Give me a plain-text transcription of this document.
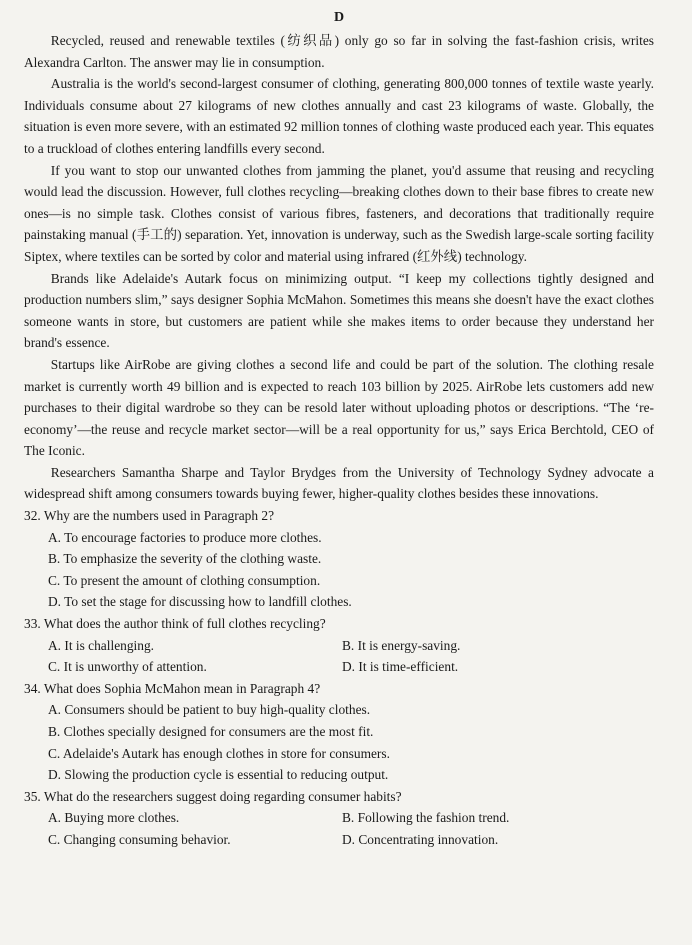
D

Recycled, reused and renewable textiles (纺织品) only go so far in solving the fast-fashion crisis, writes Alexandra Carlton. The answer may lie in consumption.

Australia is the world's second-largest consumer of clothing, generating 800,000 tonnes of textile waste yearly. Individuals consume about 27 kilograms of new clothes annually and cast 23 kilograms of waste. Globally, the situation is even more severe, with an estimated 92 million tonnes of clothing waste produced each year. This equates to a truckload of clothes entering landfills every second.

If you want to stop our unwanted clothes from jamming the planet, you'd assume that reusing and recycling would lead the discussion. However, full clothes recycling—breaking clothes down to their base fibres to create new ones—is no simple task. Clothes consist of various fibres, fasteners, and decorations that traditionally require painstaking manual (手工的) separation. Yet, innovation is underway, such as the Swedish large-scale sorting facility Siptex, where textiles can be sorted by color and material using infrared (红外线) technology.

Brands like Adelaide's Autark focus on minimizing output. “I keep my collections tightly designed and production numbers slim,” says designer Sophia McMahon. Sometimes this means she doesn't have the exact clothes someone wants in store, but customers are patient while she makes items to order because they understand her brand's essence.

Startups like AirRobe are giving clothes a second life and could be part of the solution. The clothing resale market is currently worth 49 billion and is expected to reach 103 billion by 2025. AirRobe lets customers add new purchases to their digital wardrobe so they can be resold later without uploading photos or descriptions. “The ‘re-economy’—the reuse and recycle market sector—will be a real opportunity for us,” says Erica Berchtold, CEO of The Iconic.

Researchers Samantha Sharpe and Taylor Brydges from the University of Technology Sydney advocate a widespread shift among consumers towards buying fewer, higher-quality clothes besides these innovations.

32. Why are the numbers used in Paragraph 2?

A. To encourage factories to produce more clothes.
B. To emphasize the severity of the clothing waste.
C. To present the amount of clothing consumption.
D. To set the stage for discussing how to landfill clothes.

33. What does the author think of full clothes recycling?

A. It is challenging.	B. It is energy-saving.
C. It is unworthy of attention.	D. It is time-efficient.

34. What does Sophia McMahon mean in Paragraph 4?

A. Consumers should be patient to buy high-quality clothes.
B. Clothes specially designed for consumers are the most fit.
C. Adelaide's Autark has enough clothes in store for consumers.
D. Slowing the production cycle is essential to reducing output.

35. What do the researchers suggest doing regarding consumer habits?

A. Buying more clothes.	B. Following the fashion trend.
C. Changing consuming behavior.	D. Concentrating innovation.
